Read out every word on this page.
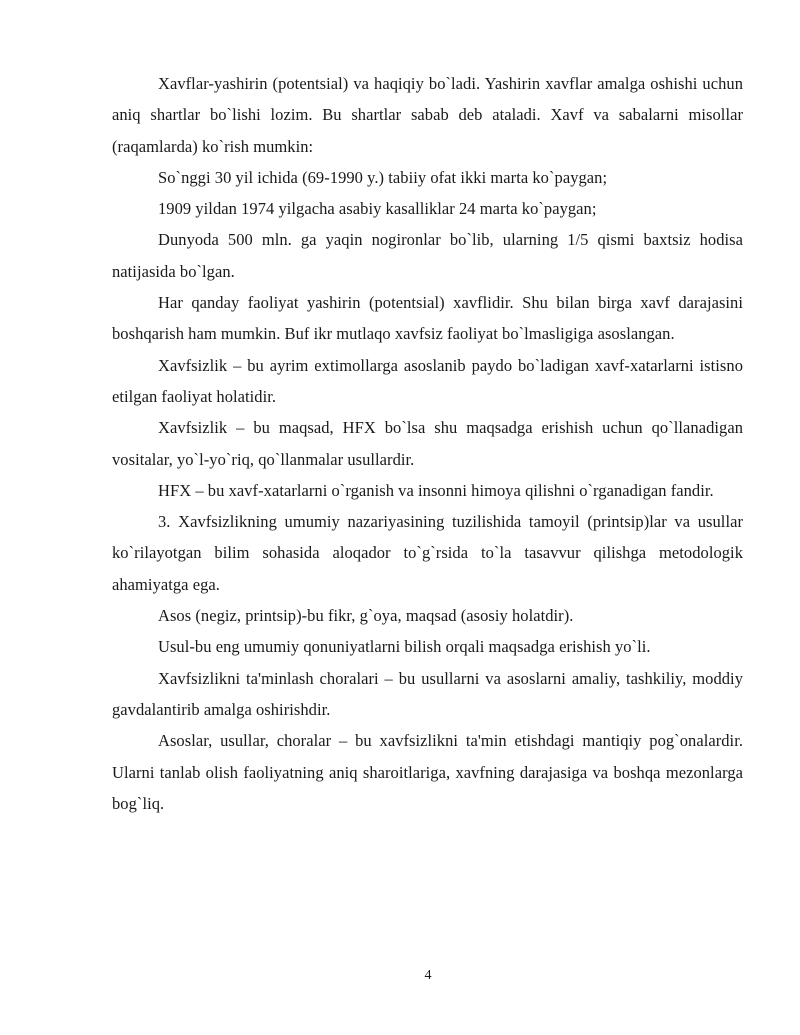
Xavflar-yashirin (potentsial) va haqiqiy bo`ladi. Yashirin xavflar amalga oshishi uchun aniq shartlar bo`lishi lozim. Bu shartlar sabab deb ataladi. Xavf va sabalarni misollar (raqamlarda) ko`rish mumkin:

So`nggi 30 yil ichida (69-1990 y.) tabiiy ofat ikki marta ko`paygan;

1909 yildan 1974 yilgacha asabiy kasalliklar 24 marta ko`paygan;

Dunyoda 500 mln. ga yaqin nogironlar bo`lib, ularning 1/5 qismi baxtsiz hodisa natijasida bo`lgan.

Har qanday faoliyat yashirin (potentsial) xavflidir. Shu bilan birga xavf darajasini boshqarish ham mumkin. Buf ikr mutlaqo xavfsiz faoliyat bo`lmasligiga asoslangan.

Xavfsizlik – bu ayrim extimollarga asoslanib paydo bo`ladigan xavf-xatarlarni istisno etilgan faoliyat holatidir.

Xavfsizlik – bu maqsad, HFX bo`lsa shu maqsadga erishish uchun qo`llanadigan vositalar, yo`l-yo`riq, qo`llanmalar usullardir.

HFX – bu xavf-xatarlarni o`rganish va insonni himoya qilishni o`rganadigan fandir.

3. Xavfsizlikning umumiy nazariyasining tuzilishida tamoyil (printsip)lar va usullar ko`rilayotgan bilim sohasida aloqador to`g`rsida to`la tasavvur qilishga metodologik ahamiyatga ega.

Asos (negiz, printsip)-bu fikr, g`oya, maqsad (asosiy holatdir).

Usul-bu eng umumiy qonuniyatlarni bilish orqali maqsadga erishish yo`li.

Xavfsizlikni ta'minlash choralari – bu usullarni va asoslarni amaliy, tashkiliy, moddiy gavdalantirib amalga oshirishdir.

Asoslar, usullar, choralar – bu xavfsizlikni ta'min etishdagi mantiqiy pog`onalardir. Ularni tanlab olish faoliyatning aniq sharoitlariga, xavfning darajasiga va boshqa mezonlarga bog`liq.

4
